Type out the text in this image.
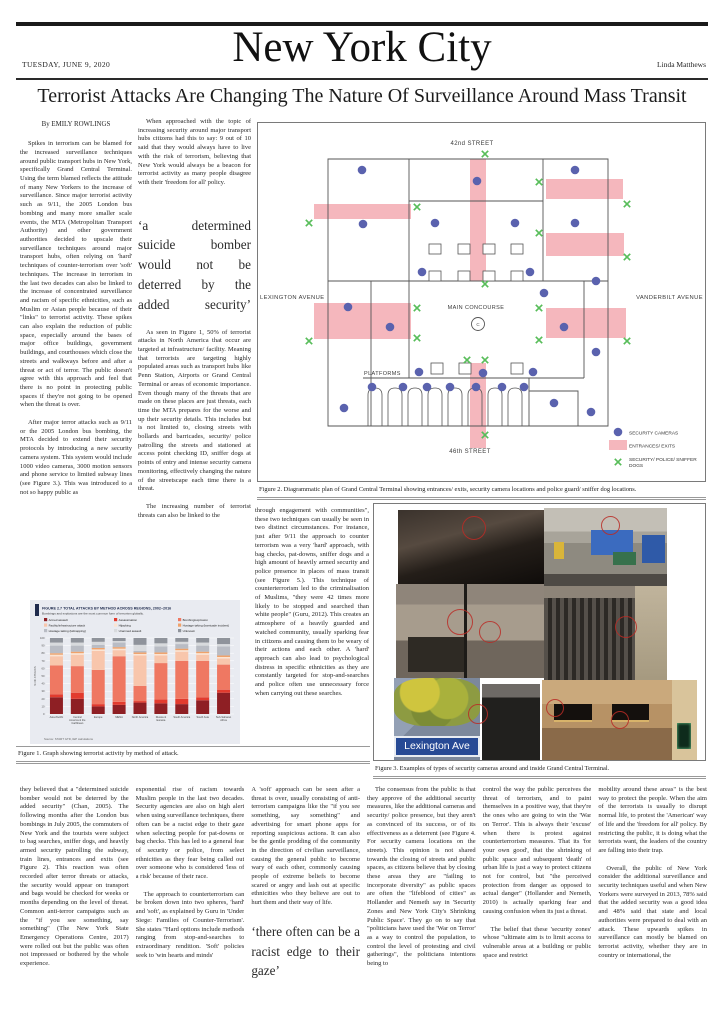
New York City
TUESDAY, JUNE 9, 2020	Linda Matthews
Terrorist Attacks Are Changing The Nature Of Surveillance Around Mass Transit

By EMILY ROWLINGS

Spikes in terrorism can be blamed for the increased surveillance techniques around public transport hubs in New York, specifically Grand Central Terminal. Using the term blamed reflects the attitude of many New Yorkers to the increase of surveillance. Since major terrorist activity such as 9/11, the 2005 London bus bombing and many more smaller scale events, the MTA (Metropolitan Transport Authority) and other government authorities decided to upscale their surveillance techniques around major transport hubs, often relying on 'hard' techniques of counter-terrorism over 'soft' techniques. The increase in terrorism in the last two decades can also be linked to the increase of concentrated surveillance and racism of specific ethnicities, such as Muslim or Asian people because of their "links" to terrorist activity. These spikes can also explain the reduction of public space, especially around the bases of major office buildings, government buildings, and courthouses which close the streets and walkways before and after a threat or act of terror. The public doesn't agree with this approach and feel that there is no point in protecting public spaces if they're not going to be opened when the threat is over.

After major terror attacks such as 9/11 or the 2005 London bus bombing, the MTA decided to extend their security protocols by introducing a new security camera system. This system would include 1000 video cameras, 3000 motion sensors and phone service to limited subway lines (see Figure 3.). This was introduced to a not so happy public as

When approached with the topic of increasing security around major transport hubs citizens had this to say: 9 out of 10 said that they would always have to live with the risk of terrorism, believing that New York would always be a beacon for terrorist activity as many people disagree with their 'freedom for all' policy.

‘a determined suicide bomber would not be deterred by the added security’

As seen in Figure 1, 50% of terrorist attacks in North America that occur are targeted at infrastructure/ facility. Meaning that terrorists are targeting highly populated areas such as transport hubs like Penn Station, Airports or Grand Central Terminal or areas of economic importance. Even though many of the threats that are made on these places are just threats, each time the MTA prepares for the worse and up their security details. This includes but is not limited to, closing streets with bollards and barricades, security/ police patrolling the streets and stationed at access point checking ID, sniffer dogs at points of entry and intense security camera monitoring, effectively changing the nature of the streetscape each time there is a threat.

The increasing number of terrorist threats can also be linked to the

C
42nd STREET
LEXINGTON AVENUE	VANDERBILT AVENUE
46th STREET
MAIN CONCOURSE
PLATFORMS
SECURITY CAMERAS
ENTRANCES/ EXITS
SECURITY/ POLICE/ SNIFFER DOGS
Figure 2. Diagrammatic plan of Grand Central Terminal showing entrances/ exits, security camera locations and police guard/ sniffer dog locations.

through engagement with communities", these two techniques can usually be seen in two distinct circumstances. For instance, just after 9/11 the approach to counter terrorism was a very 'hard' approach, with bag checks, pat-downs, sniffer dogs and a high amount of heavily armed security and police presence in places of mass transit (see Figure 5.). This technique of counterterrorism led to the criminalisation of Muslims, "they were 42 times more likely to be stopped and searched than white people" (Guru, 2012). This creates an atmosphere of a heavily guarded and watched community, usually sparking fear in citizens and causing them to be weary of their actions and each other. A 'hard' approach can also lead to psychological distress in specific ethnicities as they are constantly targeted for stop-and-searches and police often use unnecessary force when carrying out these searches.

Lexington Ave
Figure 3. Examples of types of security cameras around and inside Grand Central Terminal.
FIGURE 2.7 TOTAL ATTACKS BY METHOD ACROSS REGIONS, 2002–2016
Bombings and explosions are the most common form of terrorism globally.
Armed assault	Assassination	Bombing/explosion
Facility/infrastructure attack	Hijacking	Hostage taking (barricade incident)
Hostage taking (kidnapping)	Unarmed assault	Unknown
0
10
20
30
40
50
60
70
80
90
100
% OF ATTACKS
Asia-Pacific	Central America & the Caribbean
Europe	MENA	North America	Russia & Eurasia
South America South Asia	Sub-Saharan Africa
Source: START GTD, IEP calculations
Figure 1. Graph showing terrorist activity by method of attack.

they believed that a "determined suicide bomber would not be deterred by the added security" (Chan, 2005). The following months after the London bus bombings in July 2005, the commuters of New York and the tourists were subject to bag searches, sniffer dogs, and heavily armed security patrolling the subway, train lines, entrances and exits (see Figure 2). This reaction was often recorded after terror threats or attacks, the security would appear on transport and bags would be checked for weeks or months depending on the level of threat. Common anti-terror campaigns such as the "if you see something, say something" (The New York State Emergency Operations Centre, 2017) were rolled out but the public was often not impressed or bothered by the whole experience.

exponential rise of racism towards Muslim people in the last two decades. Security agencies are also on high alert when using surveillance techniques, there often can be a racist edge to their gaze when selecting people for pat-downs or bag checks. This has led to a general fear of security or police, from select ethnicities as they fear being called out over someone who is considered 'less of a risk' because of their race.

The approach to counterterrorism can be broken down into two spheres, 'hard' and 'soft', as explained by Guru in 'Under Siege: Families of Counter-Terrorism'. She states "Hard options include methods ranging from stop-and-searches to extraordinary rendition. 'Soft' policies seek to 'win hearts and minds'

A 'soft' approach can be seen after a threat is over, usually consisting of anti-terrorism campaigns like the "if you see something, say something" and advertising for smart phone apps for reporting suspicious actions. It can also be the gentle prodding of the community in the direction of civilian surveillance, causing the general public to become wary of each other, commonly causing people of extreme beliefs to become scared or angry and lash out at specific ethnicities who they believe are out to hurt them and their way of life.

‘there often can be a racist edge to their gaze’

The consensus from the public is that they approve of the additional security measures, like the additional cameras and security/ police presence, but they aren't as convinced of its success, or of its effectiveness as a deterrent (see Figure 4. For security camera locations on the streets). This opinion is not shared towards the closing of streets and public spaces, as citizens believe that by closing these areas they are "failing to incorporate diversity" as public spaces are often the "lifeblood of cities" as Hollander and Nemeth say in 'Security Zones and New York City's Shrinking Public Space'. They go on to say that "politicians have used the 'War on Terror' as a way to control the population, to control the level of protesting and civil gatherings", the politicians intentions being to

control the way the public perceives the threat of terrorism, and to paint themselves in a positive way, that they're the ones who are going to win the 'War on Terror'. This is always their 'excuse' when there is protest against counterterrorism measures. That its 'for your own good', that the shrinking of public space and subsequent 'death' of urban life is just a way to protect citizens not for control, but "the perceived protection from danger as opposed to actual danger" (Hollander and Nemeth, 2010) is actually sparking fear and causing confusion when its just a threat.

The belief that these 'security zones' whose "ultimate aim is to limit access to vulnerable areas at a building or public space and restrict

mobility around these areas" is the best way to protect the people. When the aim of the terrorists is usually to disrupt normal life, to protest the 'American' way of life and the 'freedom for all' policy. By restricting the public, it is doing what the terrorists want, the leaders of the country are falling into their trap.

Overall, the public of New York consider the additional surveillance and security techniques useful and when New Yorkers were surveyed in 2013, 78% said that the added security was a good idea and 48% said that state and local authorities were prepared to deal with an attack. These upwards spikes in surveillance can mostly be blamed on terrorist activity, whether they are in country or international, the
